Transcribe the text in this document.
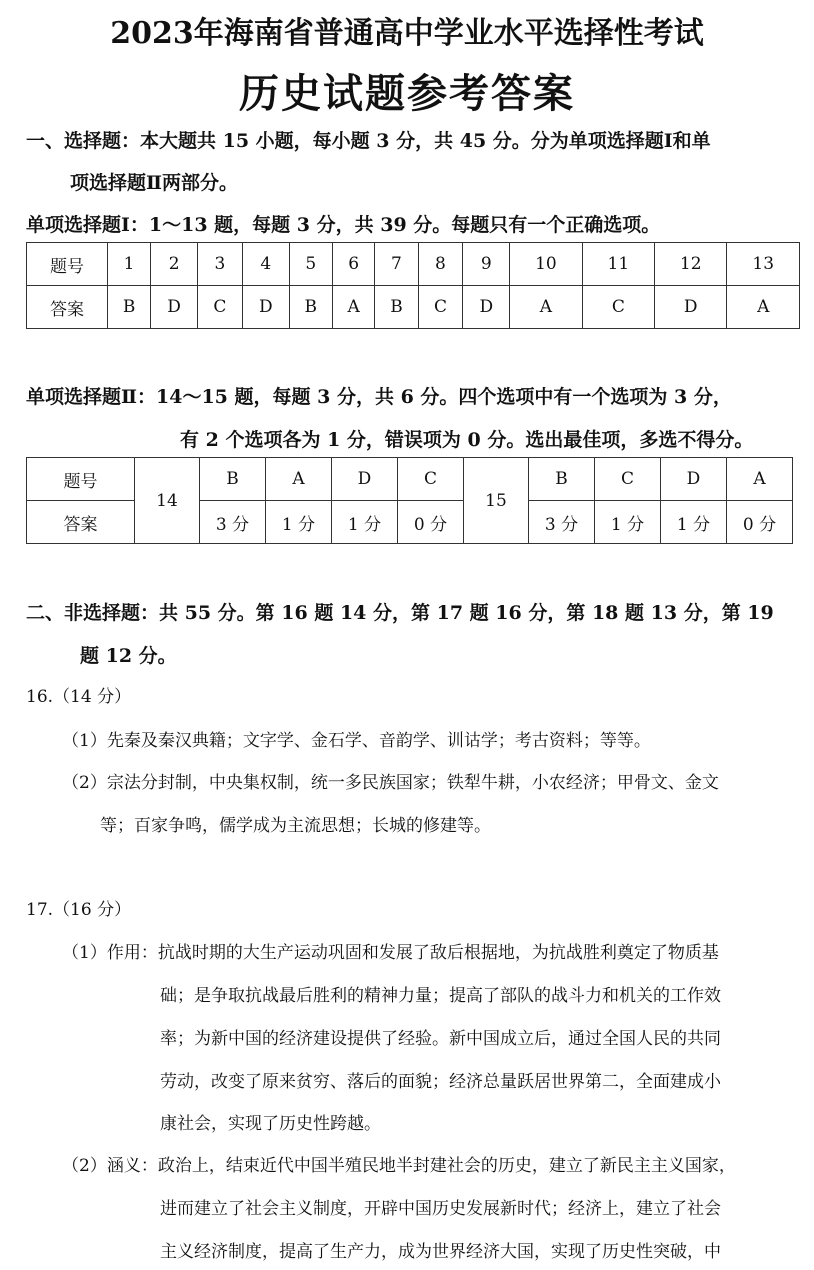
2023年海南省普通高中学业水平选择性考试
历史试题参考答案
一、选择题：本大题共 15 小题，每小题 3 分，共 45 分。分为单项选择题Ⅰ和单
项选择题Ⅱ两部分。
单项选择题Ⅰ：1～13 题，每题 3 分，共 39 分。每题只有一个正确选项。
题号	1	2	3	4	5	6	7	8	9	10	11	12	13
答案	B	D	C	D	B	A	B	C	D	A	C	D	A
单项选择题Ⅱ：14～15 题，每题 3 分，共 6 分。四个选项中有一个选项为 3 分，
有 2 个选项各为 1 分，错误项为 0 分。选出最佳项，多选不得分。
题号	14	B	A	D	C	15	B	C	D	A
答案		3 分	1 分	1 分	0 分		3 分	1 分	1 分	0 分
二、非选择题：共 55 分。第 16 题 14 分，第 17 题 16 分，第 18 题 13 分，第 19
题 12 分。
16.（14 分）
（1）先秦及秦汉典籍；文字学、金石学、音韵学、训诂学；考古资料；等等。
（2）宗法分封制，中央集权制，统一多民族国家；铁犁牛耕，小农经济；甲骨文、金文
等；百家争鸣，儒学成为主流思想；长城的修建等。
17.（16 分）
（1）作用：抗战时期的大生产运动巩固和发展了敌后根据地，为抗战胜利奠定了物质基
础；是争取抗战最后胜利的精神力量；提高了部队的战斗力和机关的工作效
率；为新中国的经济建设提供了经验。新中国成立后，通过全国人民的共同
劳动，改变了原来贫穷、落后的面貌；经济总量跃居世界第二，全面建成小
康社会，实现了历史性跨越。
（2）涵义：政治上，结束近代中国半殖民地半封建社会的历史，建立了新民主主义国家，
进而建立了社会主义制度，开辟中国历史发展新时代；经济上，建立了社会
主义经济制度，提高了生产力，成为世界经济大国，实现了历史性突破，中
